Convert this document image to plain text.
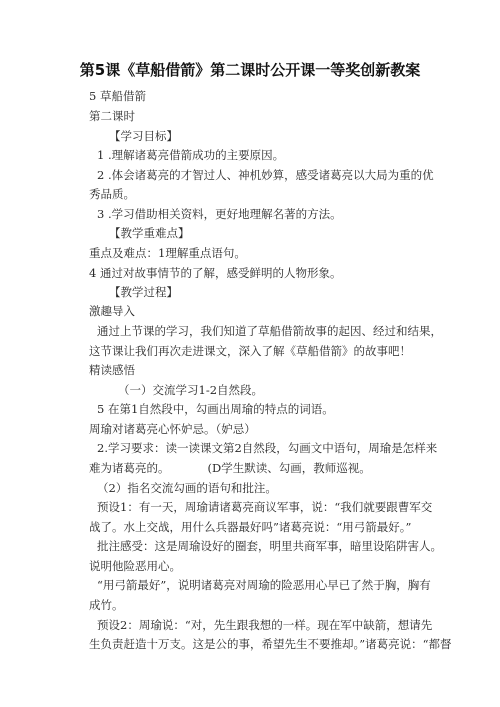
第5课《草船借箭》第二课时公开课一等奖创新教案
5 草船借箭
第二课时
【学习目标】
1 .理解诸葛亮借箭成功的主要原因。
2 .体会诸葛亮的才智过人、神机妙算，感受诸葛亮以大局为重的优
秀品质。
3 .学习借助相关资料，更好地理解名著的方法。
【教学重难点】
重点及难点：1理解重点语句。
4 通过对故事情节的了解，感受鲜明的人物形象。
【教学过程】
激趣导入
通过上节课的学习，我们知道了草船借箭故事的起因、经过和结果，
这节课让我们再次走进课文，深入了解《草船借箭》的故事吧！
精读感悟
（一）交流学习1-2自然段。
5 在第1自然段中，勾画出周瑜的特点的词语。
周瑜对诸葛亮心怀妒忌。（妒忌）
2.学习要求：读一读课文第2自然段，勾画文中语句，周瑜是怎样来
难为诸葛亮的。	(D学生默读、勾画，教师巡视。
（2）指名交流勾画的语句和批注。
预设1：有一天，周瑜请诸葛亮商议军事，说：“我们就要跟曹军交
战了。水上交战，用什么兵器最好吗”诸葛亮说：“用弓箭最好。”
批注感受：这是周瑜设好的圈套，明里共商军事，暗里设陷阱害人。
说明他险恶用心。
“用弓箭最好”，说明诸葛亮对周瑜的险恶用心早已了然于胸，胸有
成竹。
预设2：周瑜说：“对，先生跟我想的一样。现在军中缺箭，想请先
生负责赶造十万支。这是公的事，希望先生不要推却。”诸葛亮说：“都督
